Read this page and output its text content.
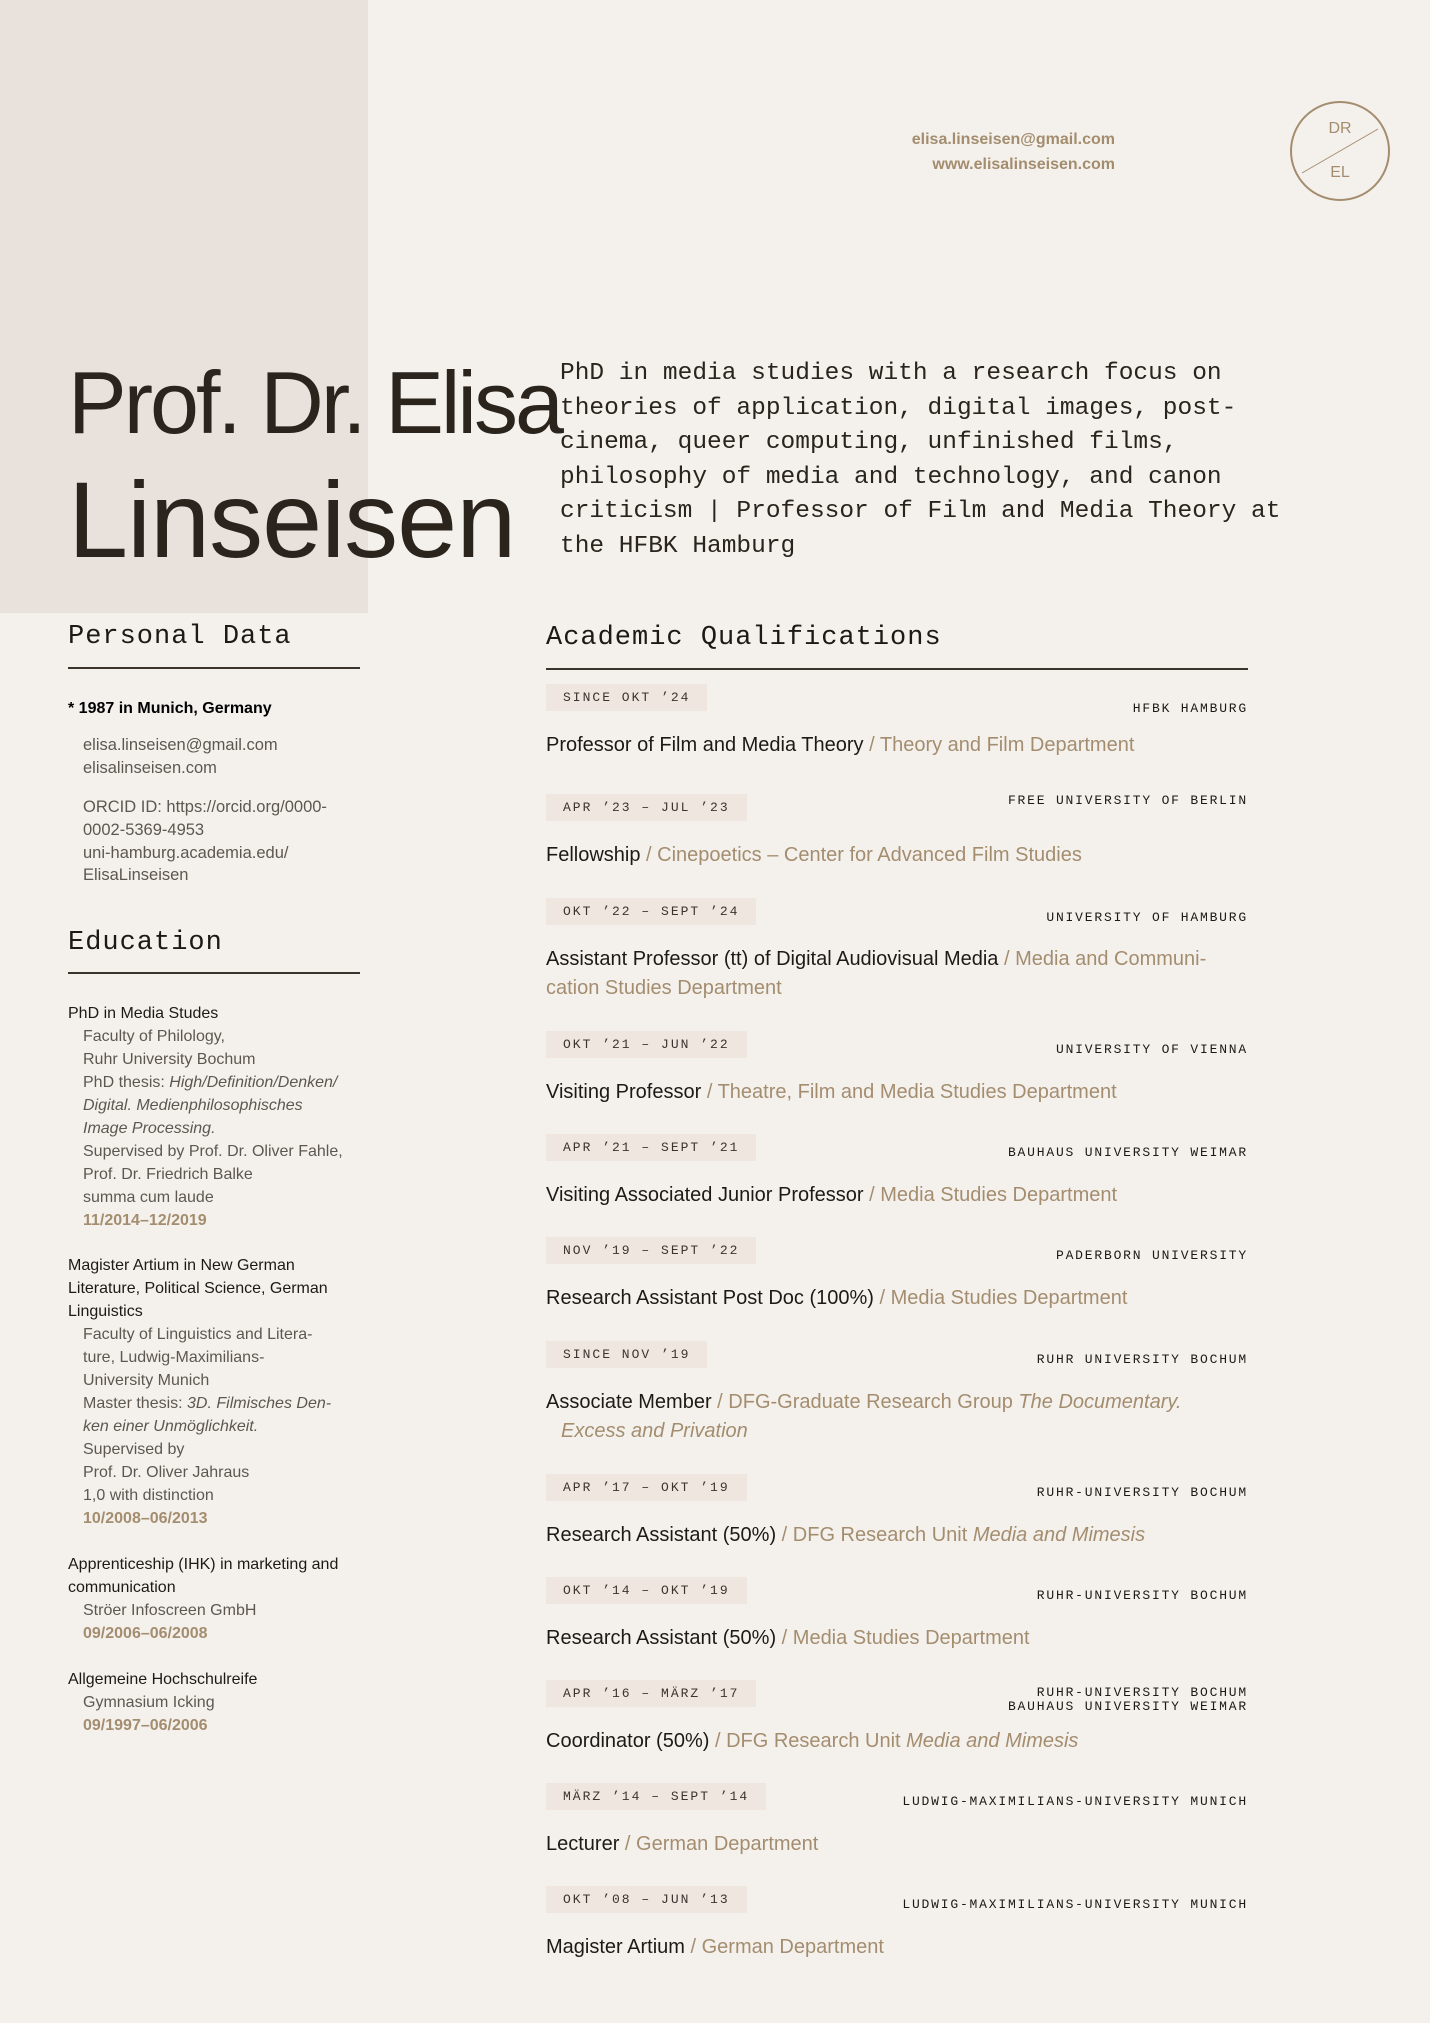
elisa.linseisen@gmail.com
www.elisalinseisen.com
DR
EL
Prof. Dr. Elisa
Linseisen
PhD in media studies with a research focus on theories of application, digital images, post-cinema, queer computing, unfinished films, philosophy of media and technology, and canon criticism | Professor of Film and Media Theory at the HFBK Hamburg
Personal Data
* 1987 in Munich, Germany
elisa.linseisen@gmail.com
elisalinseisen.com
ORCID ID: https://orcid.org/0000-
0002-5369-4953
uni-hamburg.academia.edu/
ElisaLinseisen
Education
PhD in Media Studes
Faculty of Philology,
Ruhr University Bochum
PhD thesis: High/Definition/Denken/
Digital. Medienphilosophisches
Image Processing.
Supervised by Prof. Dr. Oliver Fahle,
Prof. Dr. Friedrich Balke
summa cum laude
11/2014–12/2019
Magister Artium in New German
Literature, Political Science, German
Linguistics
Faculty of Linguistics and Litera-
ture, Ludwig-Maximilians-
University Munich
Master thesis: 3D. Filmisches Den-
ken einer Unmöglichkeit.
Supervised by
Prof. Dr. Oliver Jahraus
1,0 with distinction
10/2008–06/2013
Apprenticeship (IHK) in marketing and
communication
Ströer Infoscreen GmbH
09/2006–06/2008
Allgemeine Hochschulreife
Gymnasium Icking
09/1997–06/2006
Academic Qualifications
SINCE OKT ’24
HFBK HAMBURG
Professor of Film and Media Theory / Theory and Film Department
APR ’23 – JUL ’23	FREE UNIVERSITY OF BERLIN
Fellowship / Cinepoetics – Center for Advanced Film Studies
OKT ’22 – SEPT ’24	UNIVERSITY OF HAMBURG
Assistant Professor (tt) of Digital Audiovisual Media / Media and Communi-
cation Studies Department
OKT ’21 – JUN ’22	UNIVERSITY OF VIENNA
Visiting Professor / Theatre, Film and Media Studies Department
APR ’21 – SEPT ’21	BAUHAUS UNIVERSITY WEIMAR
Visiting Associated Junior Professor / Media Studies Department
NOV ’19 – SEPT ’22	PADERBORN UNIVERSITY
Research Assistant Post Doc (100%) / Media Studies Department
SINCE NOV ’19	RUHR UNIVERSITY BOCHUM
Associate Member / DFG-Graduate Research Group The Documentary.
Excess and Privation
APR ’17 – OKT ’19	RUHR-UNIVERSITY BOCHUM
Research Assistant (50%) / DFG Research Unit Media and Mimesis
OKT ’14 – OKT ’19	RUHR-UNIVERSITY BOCHUM
Research Assistant (50%) / Media Studies Department
APR ’16 – MÄRZ ’17	RUHR-UNIVERSITY BOCHUM
BAUHAUS UNIVERSITY WEIMAR
Coordinator (50%) / DFG Research Unit Media and Mimesis
MÄRZ ’14 – SEPT ’14	LUDWIG-MAXIMILIANS-UNIVERSITY MUNICH
Lecturer / German Department
OKT ’08 – JUN ’13	LUDWIG-MAXIMILIANS-UNIVERSITY MUNICH
Magister Artium / German Department
